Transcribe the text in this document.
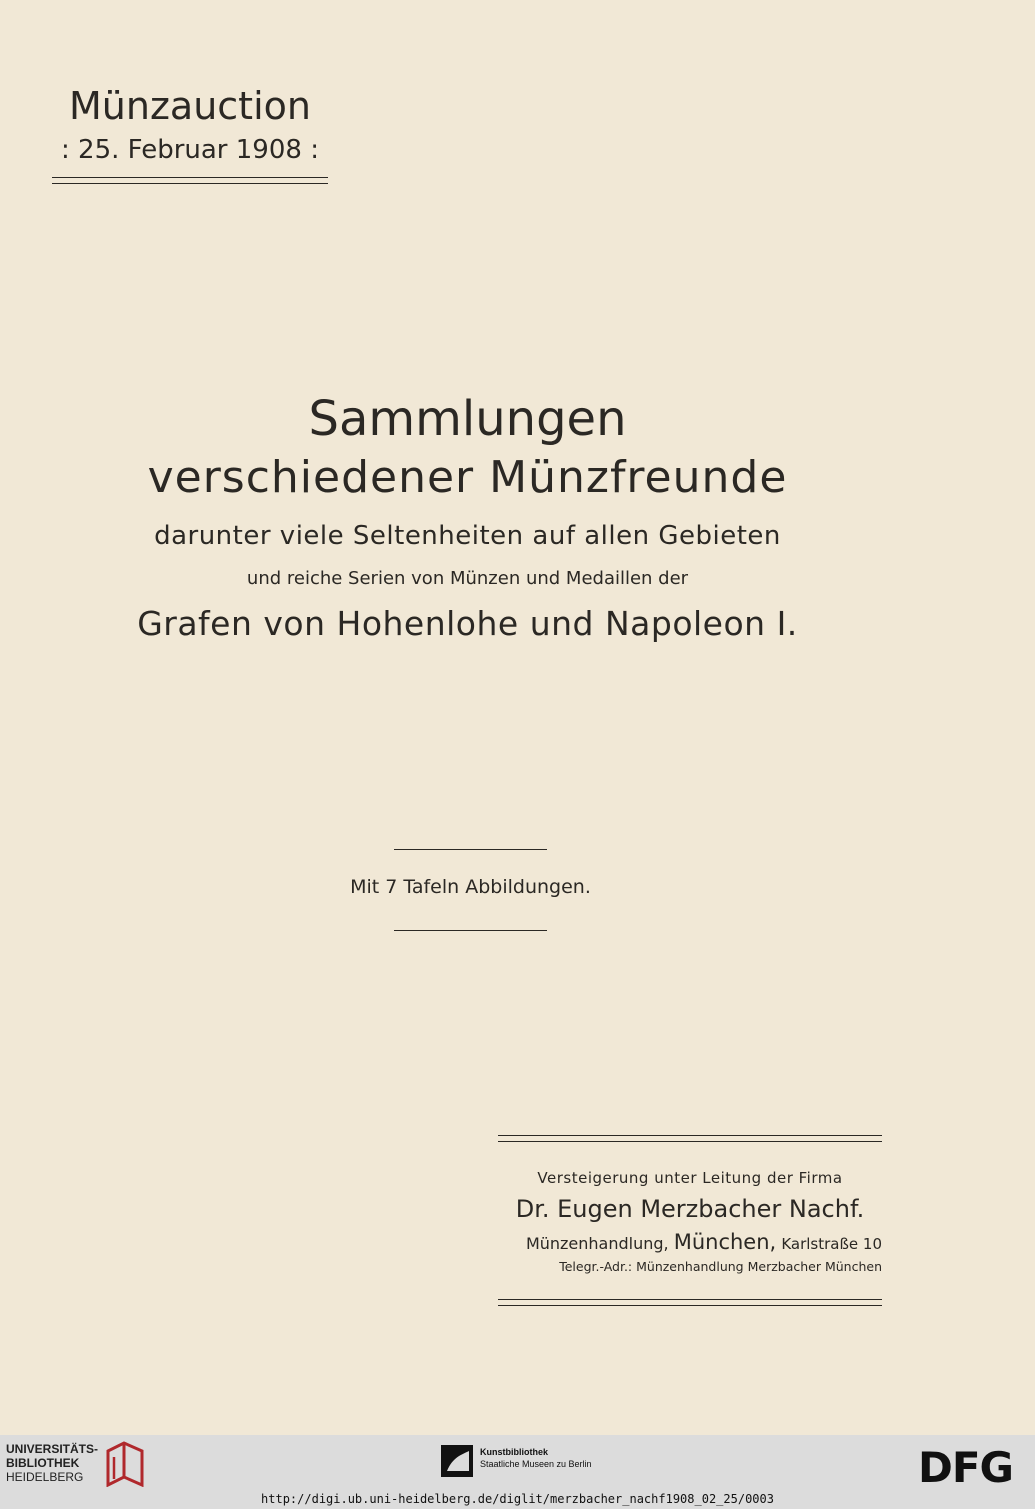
Münzauction
: 25. Februar 1908 :
Sammlungen
verschiedener Münzfreunde
darunter viele Seltenheiten auf allen Gebieten
und reiche Serien von Münzen und Medaillen der
Grafen von Hohenlohe und Napoleon I.
Mit 7 Tafeln Abbildungen.
Versteigerung unter Leitung der Firma
Dr. Eugen Merzbacher Nachf.
Münzenhandlung, München, Karlstraße 10
Telegr.-Adr.: Münzenhandlung Merzbacher München
UNIVERSITÄTS-
BIBLIOTHEK
HEIDELBERG
Kunstbibliothek
Staatliche Museen zu Berlin	DFG
http://digi.ub.uni-heidelberg.de/diglit/merzbacher_nachf1908_02_25/0003
